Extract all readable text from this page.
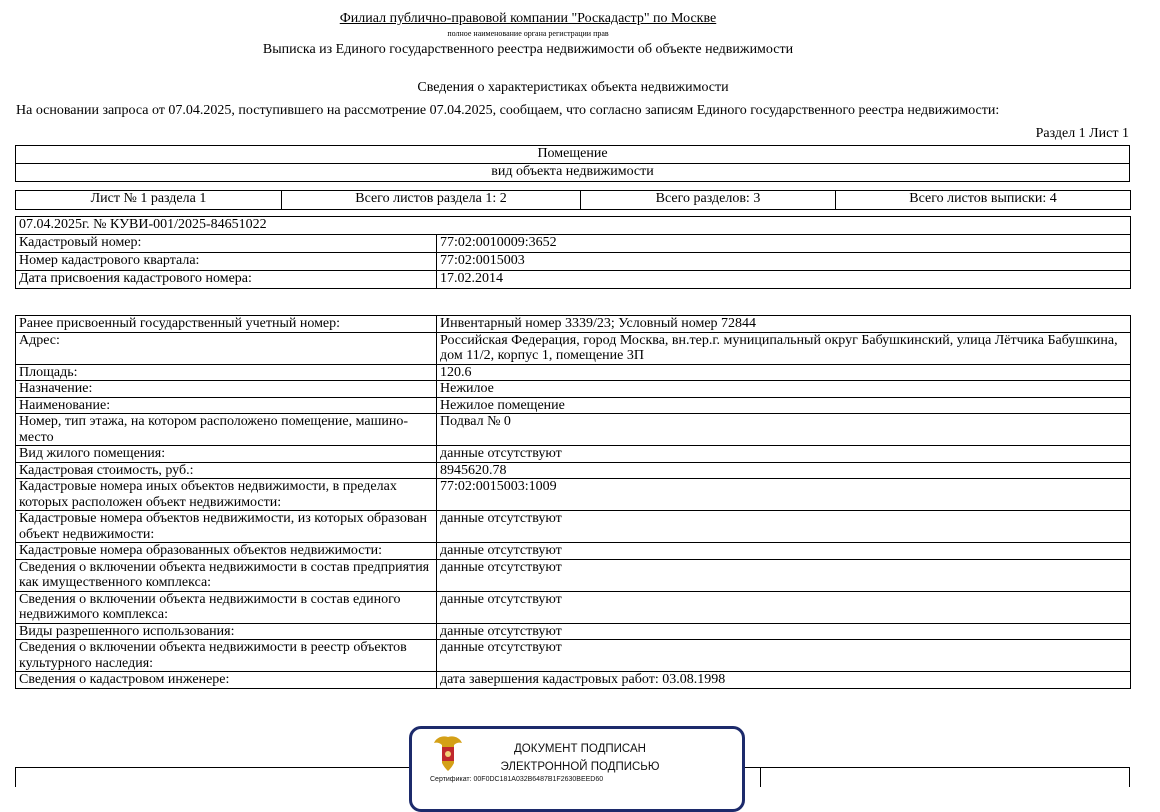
Филиал публично-правовой компании "Роскадастр" по Москве
полное наименование органа регистрации прав
Выписка из Единого государственного реестра недвижимости об объекте недвижимости
Сведения о характеристиках объекта недвижимости
На основании запроса от 07.04.2025, поступившего на рассмотрение 07.04.2025, сообщаем, что согласно записям Единого государственного реестра недвижимости:
Раздел 1 Лист 1
Помещение
вид объекта недвижимости
Лист № 1 раздела 1	Всего листов раздела 1: 2	Всего разделов: 3	Всего листов выписки: 4
07.04.2025г. № КУВИ-001/2025-84651022	
Кадастровый номер:	77:02:0010009:3652
Номер кадастрового квартала:	77:02:0015003
Дата присвоения кадастрового номера:	17.02.2014
Ранее присвоенный государственный учетный номер:	Инвентарный номер 3339/23; Условный номер 72844
Адрес:	Российская Федерация, город Москва, вн.тер.г. муниципальный округ Бабушкинский, улица Лётчика Бабушкина, дом 11/2, корпус 1, помещение 3П
Площадь:	120.6
Назначение:	Нежилое
Наименование:	Нежилое помещение
Номер, тип этажа, на котором расположено помещение, машино-место	Подвал № 0
Вид жилого помещения:	данные отсутствуют
Кадастровая стоимость, руб.:	8945620.78
Кадастровые номера иных объектов недвижимости, в пределах которых расположен объект недвижимости:	77:02:0015003:1009
Кадастровые номера объектов недвижимости, из которых образован объект недвижимости:	данные отсутствуют
Кадастровые номера образованных объектов недвижимости:	данные отсутствуют
Сведения о включении объекта недвижимости в состав предприятия как имущественного комплекса:	данные отсутствуют
Сведения о включении объекта недвижимости в состав единого недвижимого комплекса:	данные отсутствуют
Виды разрешенного использования:	данные отсутствуют
Сведения о включении объекта недвижимости в реестр объектов культурного наследия:	данные отсутствуют
Сведения о кадастровом инженере:	дата завершения кадастровых работ: 03.08.1998
ДОКУМЕНТ ПОДПИСАН
ЭЛЕКТРОННОЙ ПОДПИСЬЮ
Сертификат: 00F0DC181A032B6487B1F2630BEED60
